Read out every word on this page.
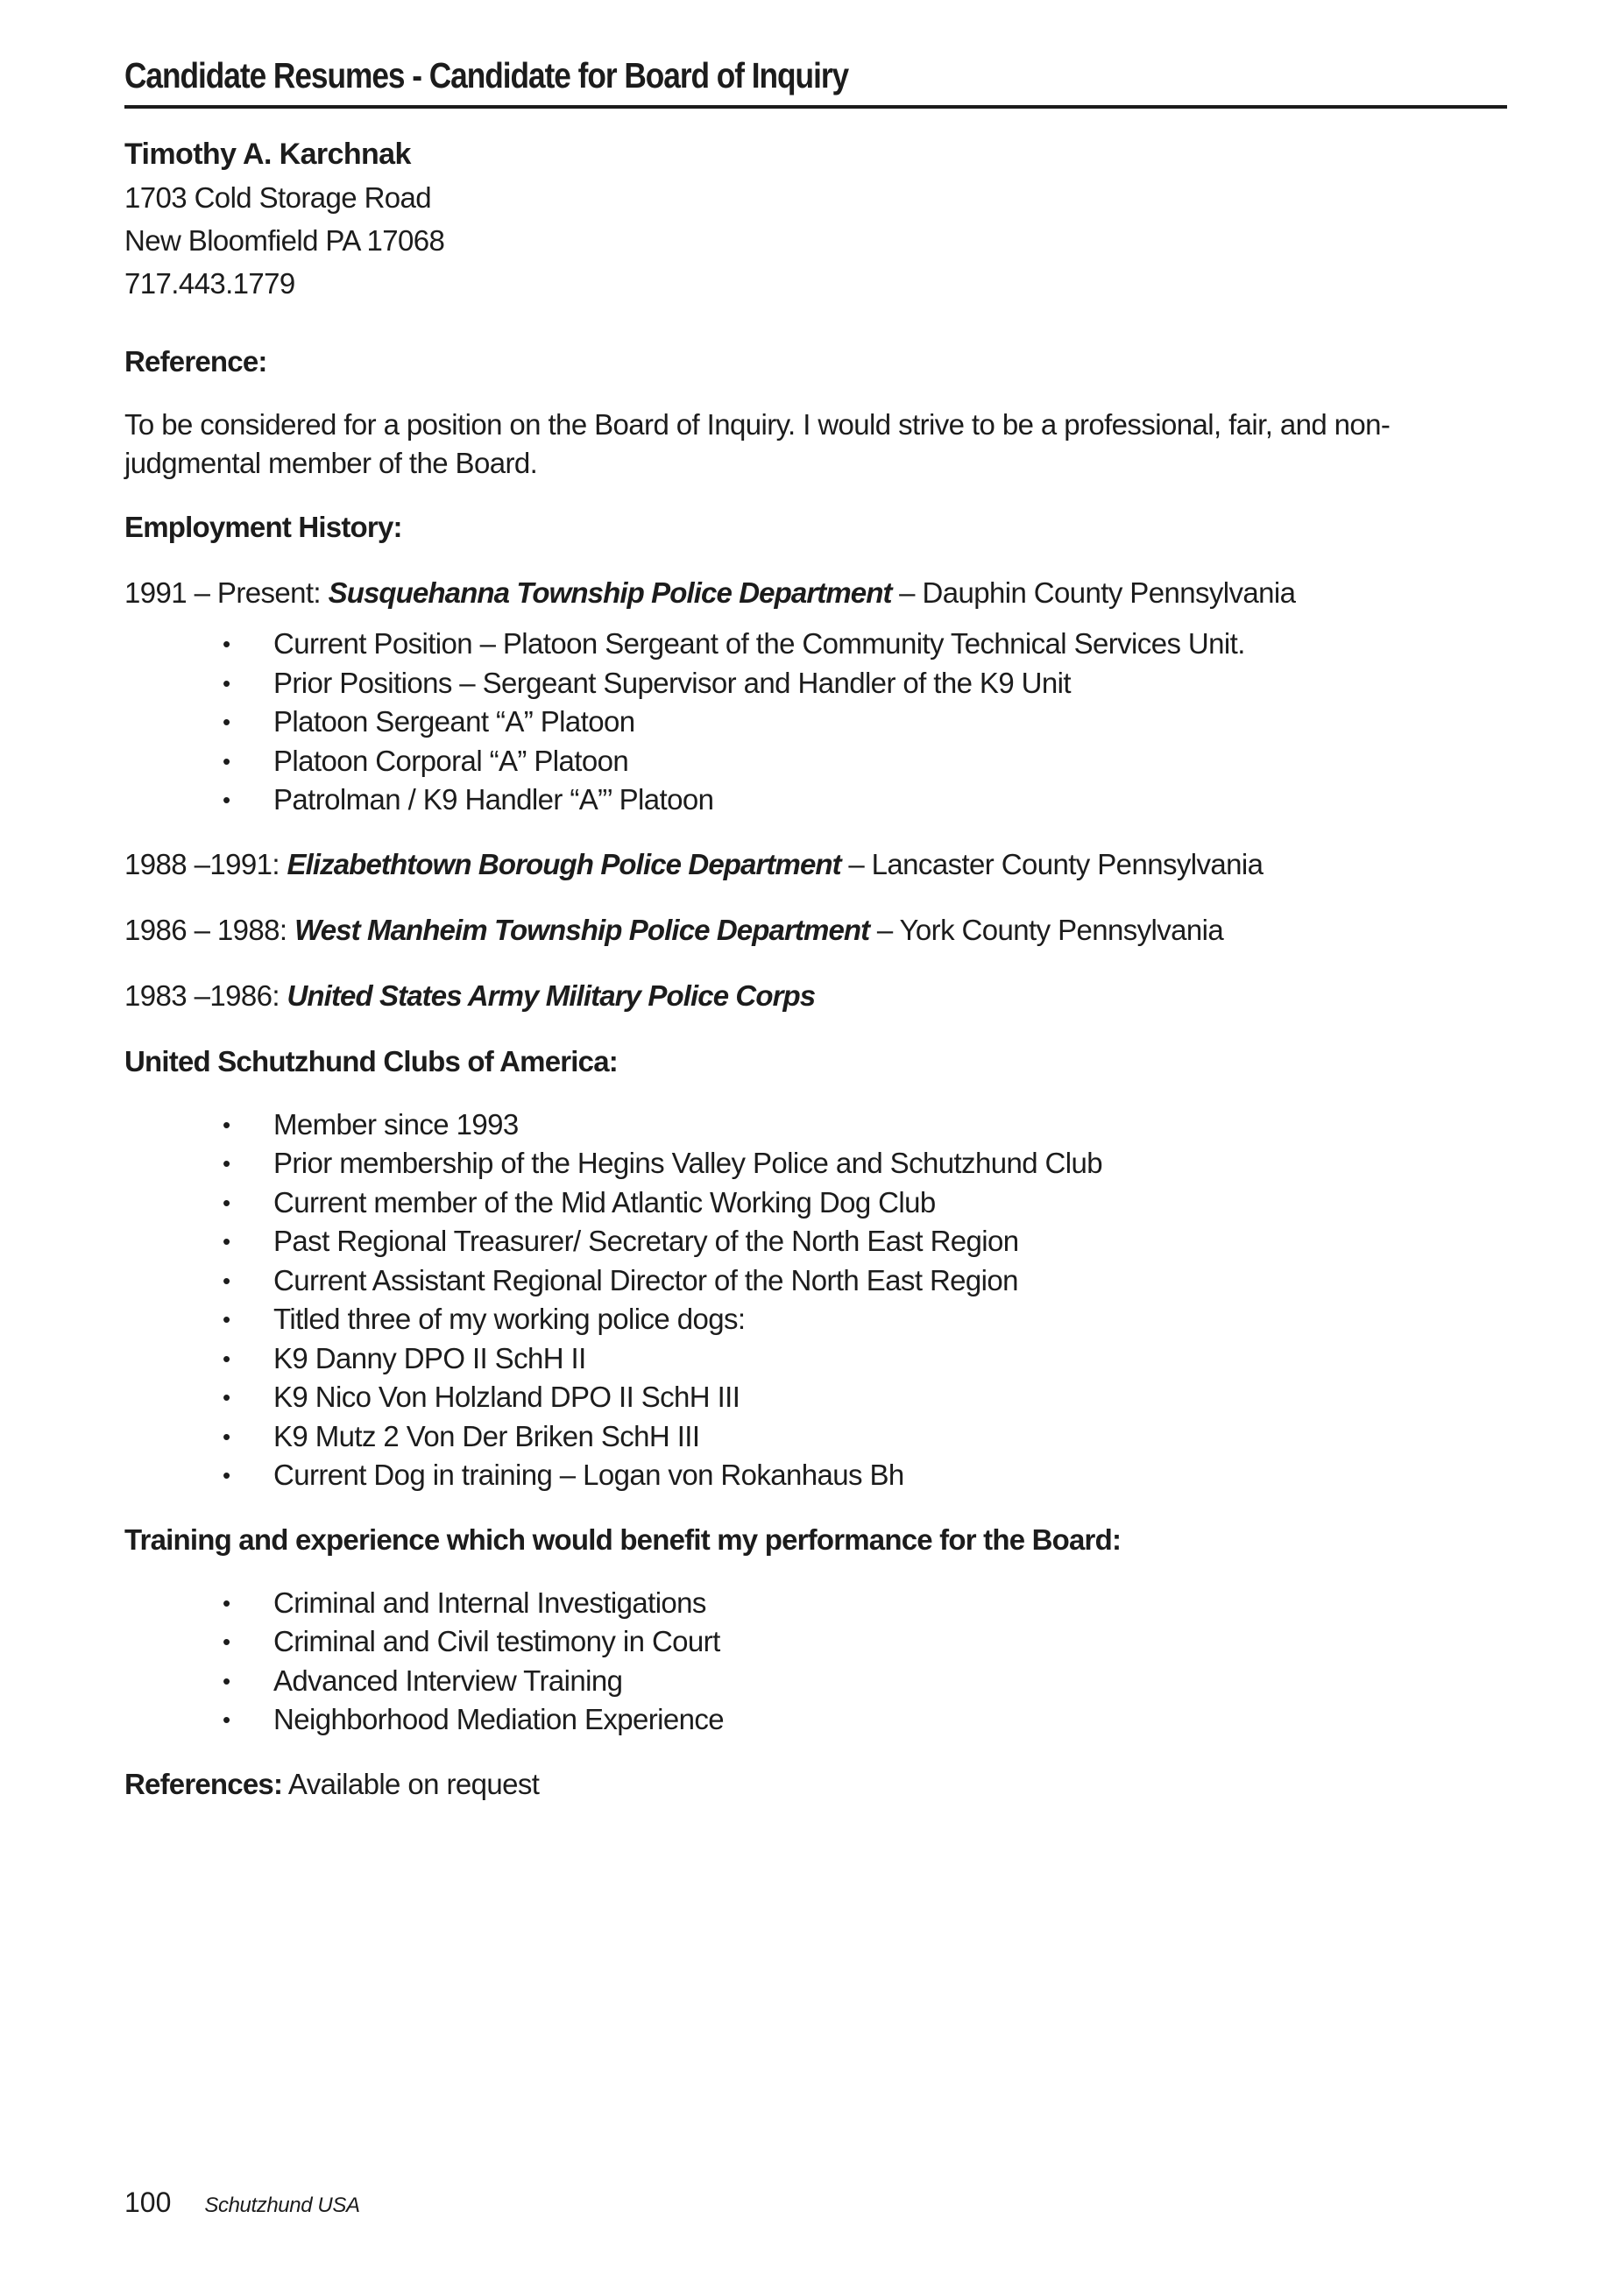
Candidate Resumes - Candidate for Board of Inquiry

Timothy A. Karchnak

1703 Cold Storage Road

New Bloomfield PA 17068

717.443.1779

Reference:

To be considered for a position on the Board of Inquiry. I would strive to be a professional, fair, and non-judgmental member of the Board.

Employment History:

1991 – Present: Susquehanna Township Police Department – Dauphin County Pennsylvania

• Current Position – Platoon Sergeant of the Community Technical Services Unit.
• Prior Positions – Sergeant Supervisor and Handler of the K9 Unit
• Platoon Sergeant “A” Platoon
• Platoon Corporal “A” Platoon
• Patrolman / K9 Handler “A”’ Platoon

1988 –1991: Elizabethtown Borough Police Department – Lancaster County Pennsylvania

1986 – 1988: West Manheim Township Police Department – York County Pennsylvania

1983 –1986: United States Army Military Police Corps

United Schutzhund Clubs of America:

• Member since 1993
• Prior membership of the Hegins Valley Police and Schutzhund Club
• Current member of the Mid Atlantic Working Dog Club
• Past Regional Treasurer/ Secretary of the North East Region
• Current Assistant Regional Director of the North East Region
• Titled three of my working police dogs:
• K9 Danny DPO II SchH II
• K9 Nico Von Holzland DPO II SchH III
• K9 Mutz 2 Von Der Briken SchH III
• Current Dog in training – Logan von Rokanhaus Bh

Training and experience which would benefit my performance for the Board:

• Criminal and Internal Investigations
• Criminal and Civil testimony in Court
• Advanced Interview Training
• Neighborhood Mediation Experience

References: Available on request

100 Schutzhund USA
